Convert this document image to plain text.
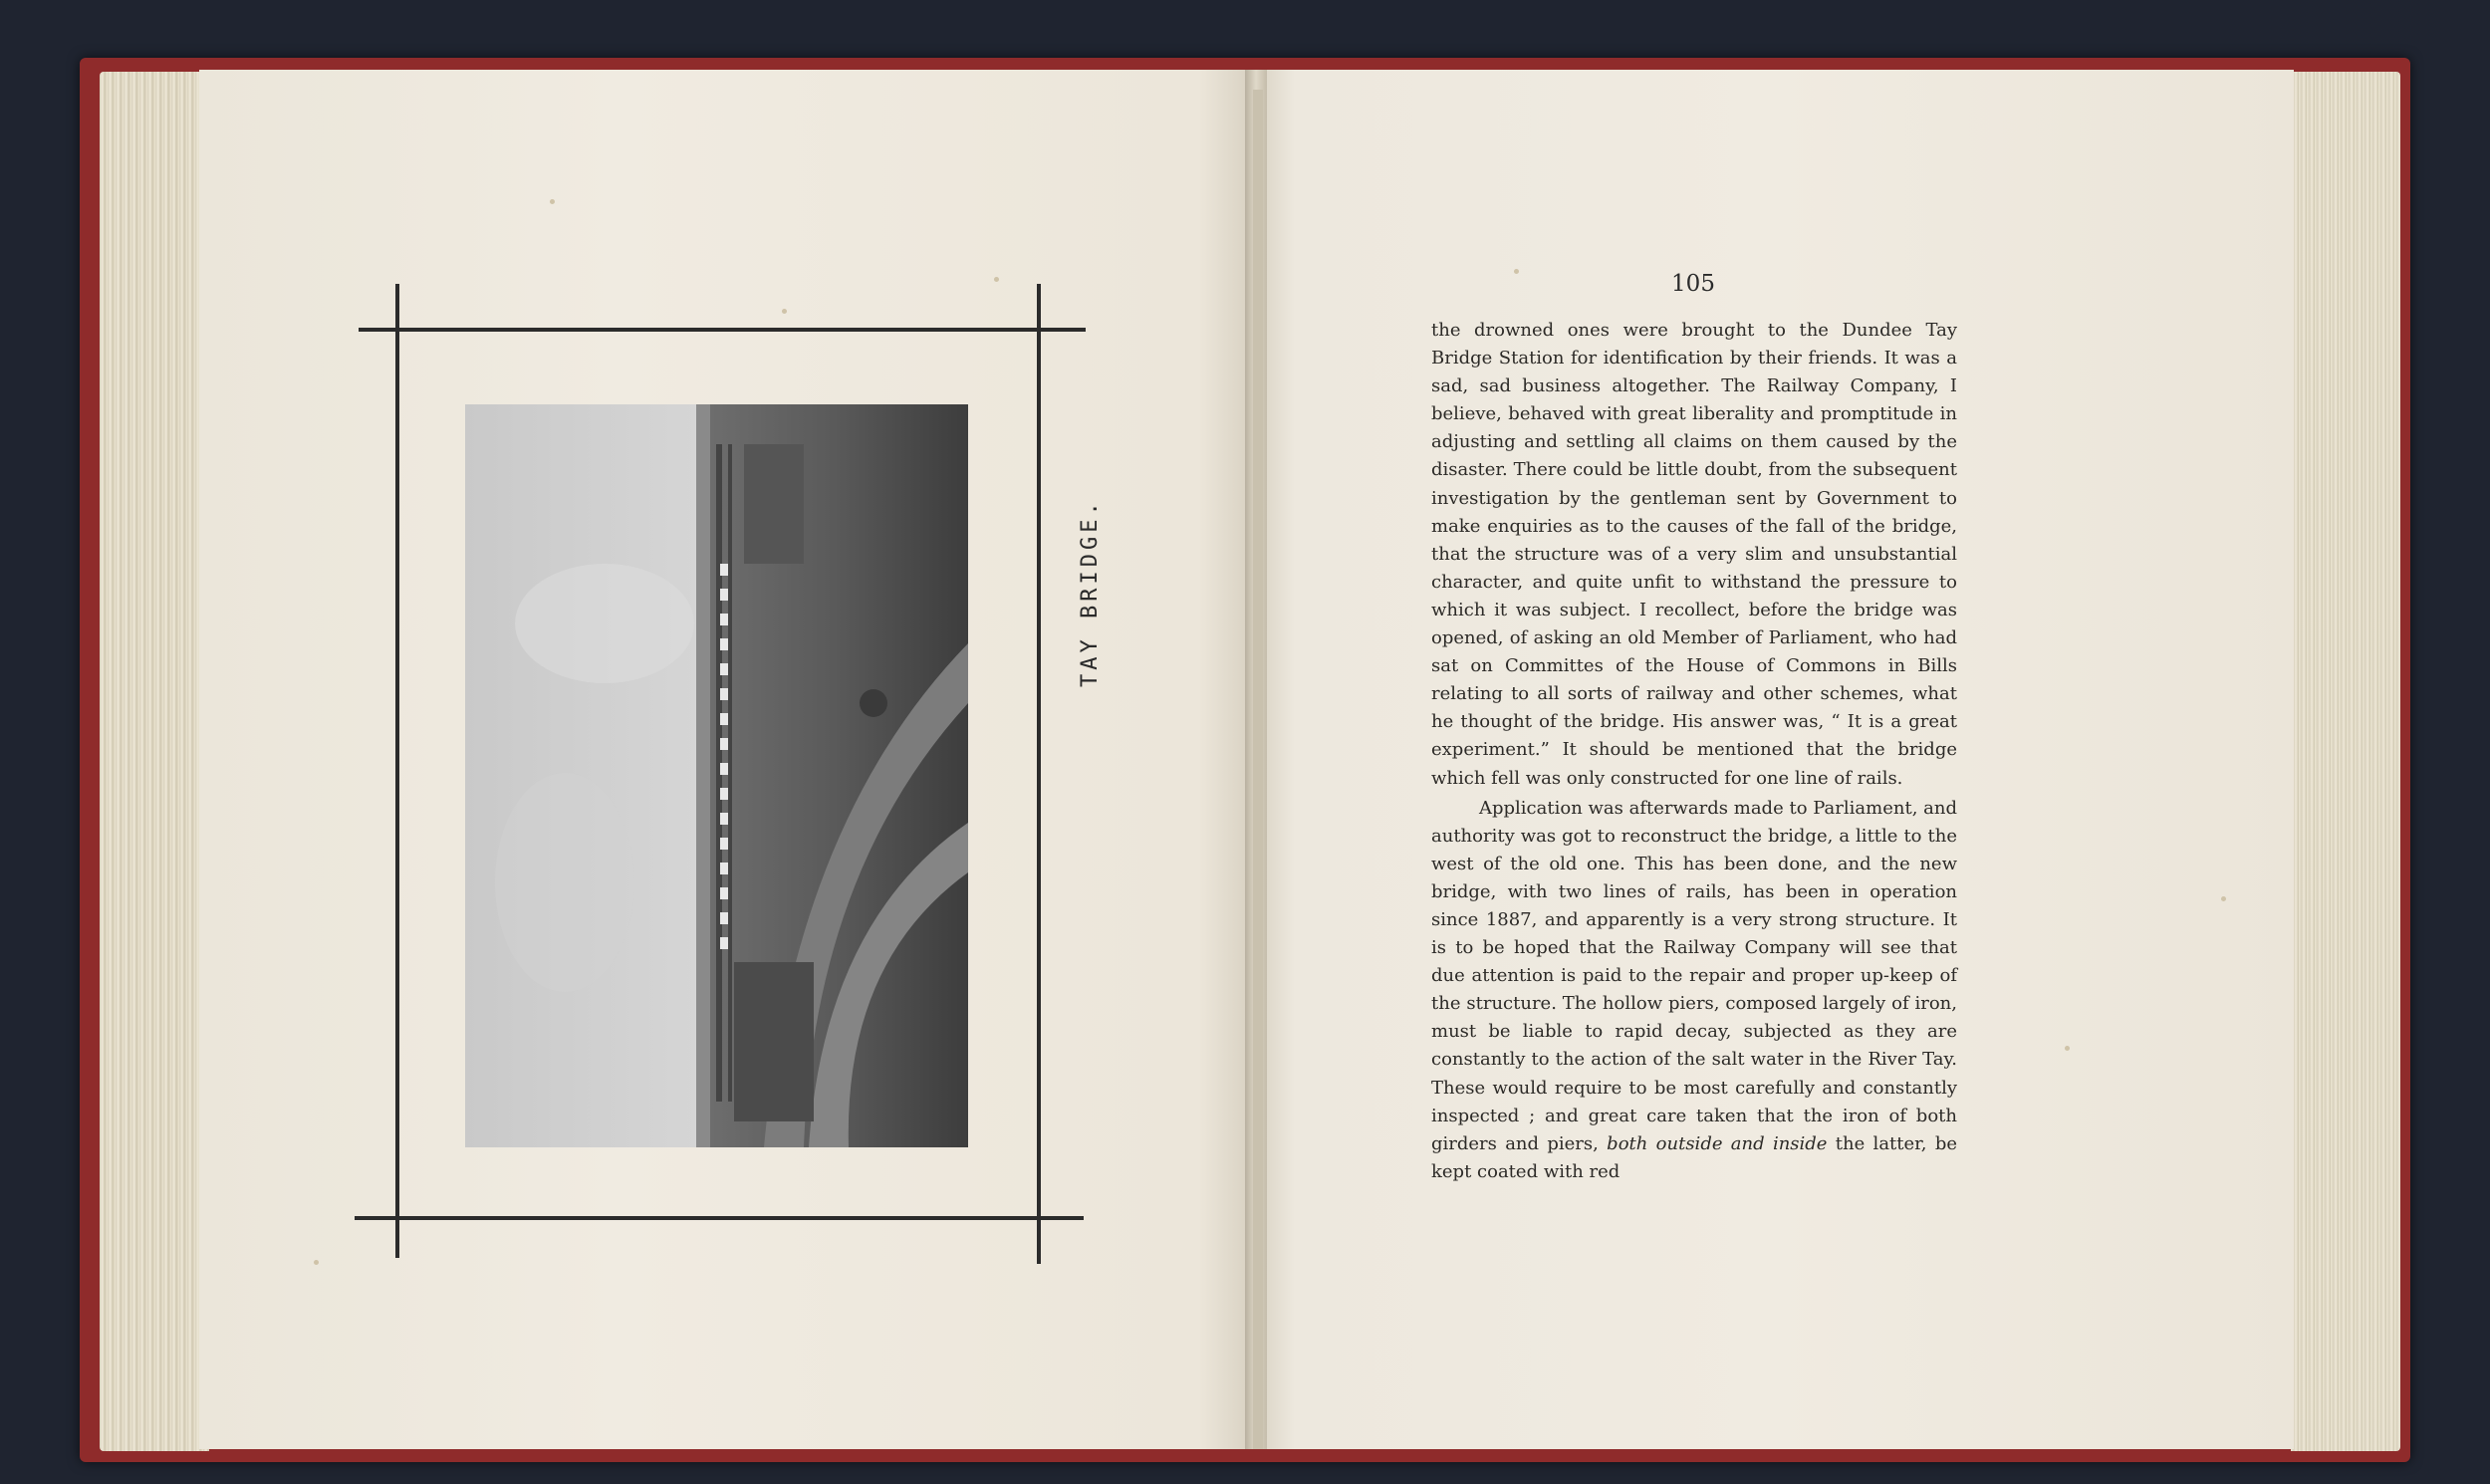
TAY BRIDGE.
105

the drowned ones were brought to the Dundee Tay Bridge Station for identification by their friends. It was a sad, sad business altogether. The Railway Company, I believe, behaved with great liberality and promptitude in adjusting and settling all claims on them caused by the disaster. There could be little doubt, from the subsequent investigation by the gentleman sent by Government to make enquiries as to the causes of the fall of the bridge, that the structure was of a very slim and unsubstantial character, and quite unfit to withstand the pressure to which it was subject. I recollect, before the bridge was opened, of asking an old Member of Parliament, who had sat on Committes of the House of Commons in Bills relating to all sorts of railway and other schemes, what he thought of the bridge. His answer was, “ It is a great experiment.” It should be mentioned that the bridge which fell was only constructed for one line of rails.

Application was afterwards made to Parliament, and authority was got to reconstruct the bridge, a little to the west of the old one. This has been done, and the new bridge, with two lines of rails, has been in operation since 1887, and apparently is a very strong structure. It is to be hoped that the Railway Company will see that due attention is paid to the repair and proper up-keep of the structure. The hollow piers, composed largely of iron, must be liable to rapid decay, subjected as they are constantly to the action of the salt water in the River Tay. These would require to be most carefully and constantly inspected ; and great care taken that the iron of both girders and piers, both outside and inside the latter, be kept coated with red
